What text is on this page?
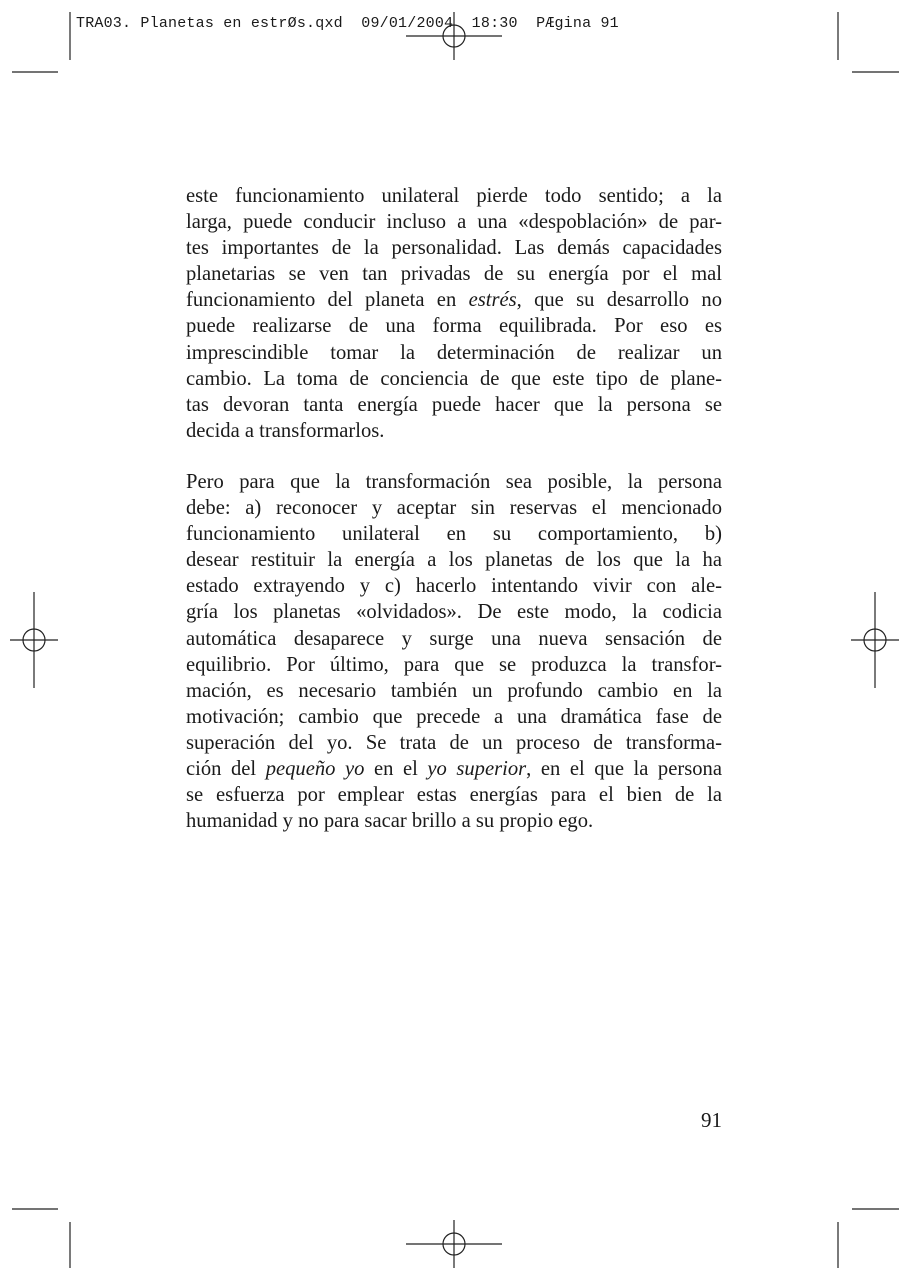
TRA03. Planetas en estrØs.qxd  09/01/2004  18:30  PÆgina 91

este funcionamiento unilateral pierde todo sentido; a la
larga, puede conducir incluso a una «despoblación» de par-
tes importantes de la personalidad. Las demás capacidades
planetarias se ven tan privadas de su energía por el mal
funcionamiento del planeta en estrés, que su desarrollo no
puede realizarse de una forma equilibrada. Por eso es
imprescindible tomar la determinación de realizar un
cambio. La toma de conciencia de que este tipo de plane-
tas devoran tanta energía puede hacer que la persona se
decida a transformarlos.

Pero para que la transformación sea posible, la persona
debe: a) reconocer y aceptar sin reservas el mencionado
funcionamiento unilateral en su comportamiento, b)
desear restituir la energía a los planetas de los que la ha
estado extrayendo y c) hacerlo intentando vivir con ale-
gría los planetas «olvidados». De este modo, la codicia
automática desaparece y surge una nueva sensación de
equilibrio. Por último, para que se produzca la transfor-
mación, es necesario también un profundo cambio en la
motivación; cambio que precede a una dramática fase de
superación del yo. Se trata de un proceso de transforma-
ción del pequeño yo en el yo superior, en el que la persona
se esfuerza por emplear estas energías para el bien de la
humanidad y no para sacar brillo a su propio ego.

91
